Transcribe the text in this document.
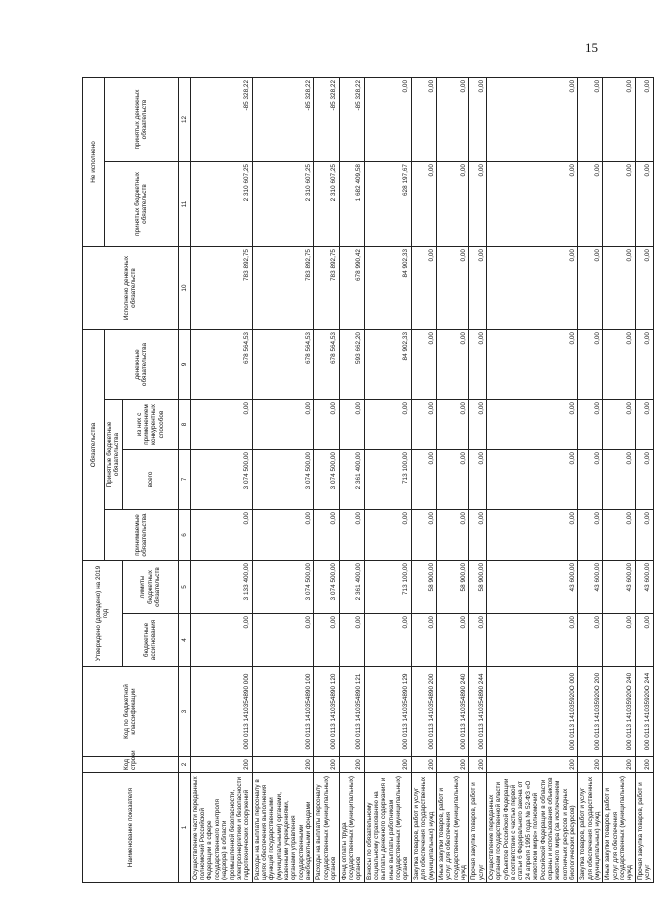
15
Наименование показателя	Код строки	Код по бюджетной классификации	Утверждено (доведено) на 2019 год		Обязательства				Исполнено денежных обязательств	Не исполнено	
					принимаемые обязательства	Принятые бюджетные обязательства		денежные обязательства		принятых бюджетных обязательств	принятых денежных обязательств
			бюджетные ассигнования	лимиты бюджетных обязательств		всего	из них с применением конкурентных способов				
1	2	3	4	5	6	7	8	9	10	11	12
Осуществление части переданных полномочий Российской Федерации в сфере государственного контроля (надзора) в области промышленной безопасности, электроэнергетики и безопасности гидротехнических сооружений	200	000 0113 1410354890 000	0,00	3 133 400,00	0,00	3 074 500,00	0,00	678 564,53	783 892,75	2 310 607,25	-85 328,22
Расходы на выплаты персоналу в целях обеспечения выполнения функций государственными (муниципальными) органами, казенными учреждениями, органами управления государственными внебюджетными фондами	200	000 0113 1410354890 100	0,00	3 074 500,00	0,00	3 074 500,00	0,00	678 564,53	783 892,75	2 310 607,25	-85 328,22
Расходы на выплаты персоналу государственных (муниципальных) органов	200	000 0113 1410354890 120	0,00	3 074 500,00	0,00	3 074 500,00	0,00	678 564,53	783 892,75	2 310 607,25	-85 328,22
Фонд оплаты труда государственных (муниципальных) органов	200	000 0113 1410354890 121	0,00	2 361 400,00	0,00	2 361 400,00	0,00	593 662,20	678 990,42	1 682 409,58	-85 328,22
Взносы по обязательному социальному страхованию на выплаты денежного содержания и иные выплаты работникам государственных (муниципальных) органов	200	000 0113 1410354890 129	0,00	713 100,00	0,00	713 100,00	0,00	84 902,33	84 902,33	628 197,67	0,00
Закупка товаров, работ и услуг для обеспечения государственных (муниципальных) нужд	200	000 0113 1410354890 200	0,00	58 900,00	0,00	0,00	0,00	0,00	0,00	0,00	0,00
Иные закупки товаров, работ и услуг для обеспечения государственных (муниципальных) нужд	200	000 0113 1410354890 240	0,00	58 900,00	0,00	0,00	0,00	0,00	0,00	0,00	0,00
Прочая закупка товаров, работ и услуг	200	000 0113 1410354890 244	0,00	58 900,00	0,00	0,00	0,00	0,00	0,00	0,00	0,00
Осуществление переданных органам государственной власти субъектов Российской Федерации в соответствии с частью первой статьи 6 Федерального закона от 24 апреля 1995 года № 52-ФЗ «О животном мире» полномочий Российской Федерации в области охраны и использования объектов животного мира (за исключением охотничьих ресурсов и водных биологических ресурсов)	200	000 0113 141035920O 000	0,00	43 600,00	0,00	0,00	0,00	0,00	0,00	0,00	0,00
Закупка товаров, работ и услуг для обеспечения государственных (муниципальных) нужд	200	000 0113 141035920O 200	0,00	43 600,00	0,00	0,00	0,00	0,00	0,00	0,00	0,00
Иные закупки товаров, работ и услуг для обеспечения государственных (муниципальных) нужд	200	000 0113 141035920O 240	0,00	43 600,00	0,00	0,00	0,00	0,00	0,00	0,00	0,00
Прочая закупка товаров, работ и услуг	200	000 0113 141035920O 244	0,00	43 600,00	0,00	0,00	0,00	0,00	0,00	0,00	0,00
